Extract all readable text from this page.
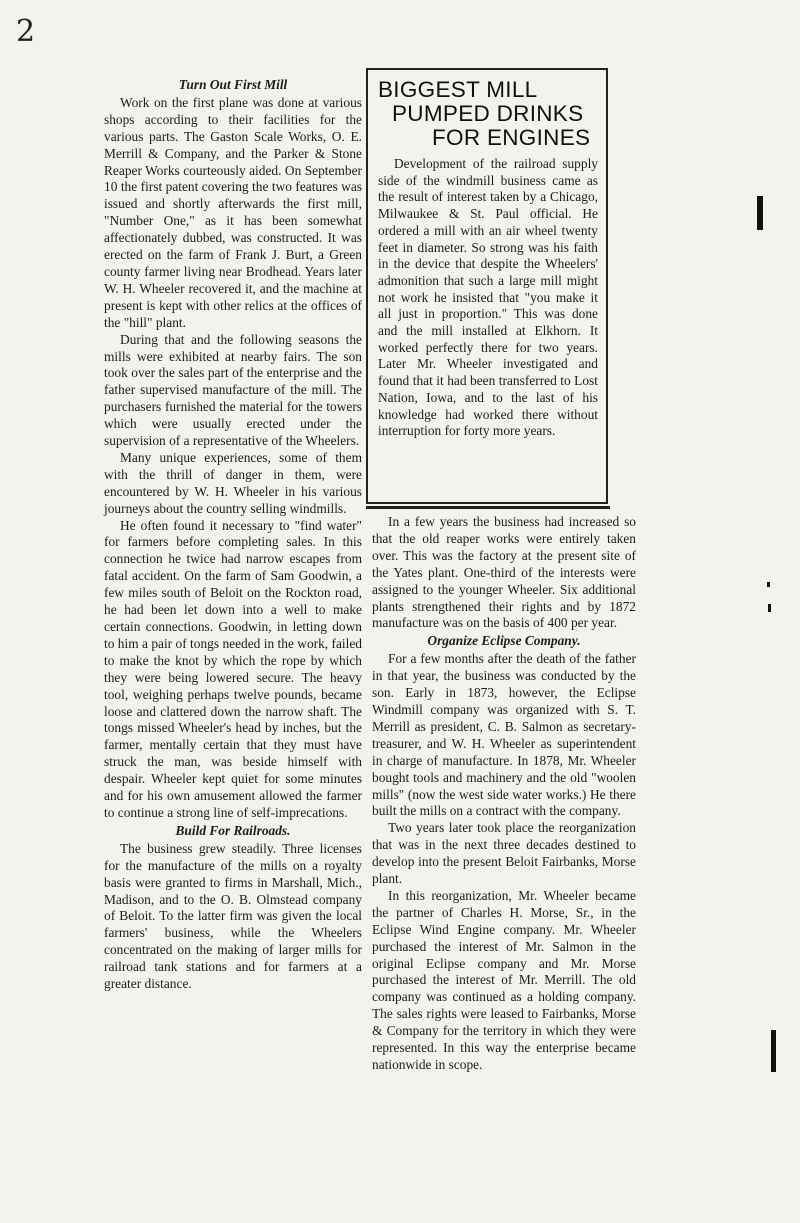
2
Turn Out First Mill

Work on the first plane was done at various shops according to their facilities for the various parts. The Gaston Scale Works, O. E. Merrill & Company, and the Parker & Stone Reaper Works courteously aided. On September 10 the first patent covering the two features was issued and shortly afterwards the first mill, "Number One," as it has been somewhat affectionately dubbed, was constructed. It was erected on the farm of Frank J. Burt, a Green county farmer living near Brodhead. Years later W. H. Wheeler recovered it, and the machine at present is kept with other relics at the offices of the "hill" plant.

During that and the following seasons the mills were exhibited at nearby fairs. The son took over the sales part of the enterprise and the father supervised manufacture of the mill. The purchasers furnished the material for the towers which were usually erected under the supervision of a representative of the Wheelers.

Many unique experiences, some of them with the thrill of danger in them, were encountered by W. H. Wheeler in his various journeys about the country selling windmills.

He often found it necessary to "find water" for farmers before completing sales. In this connection he twice had narrow escapes from fatal accident. On the farm of Sam Goodwin, a few miles south of Beloit on the Rockton road, he had been let down into a well to make certain connections. Goodwin, in letting down to him a pair of tongs needed in the work, failed to make the knot by which the rope by which they were being lowered secure. The heavy tool, weighing perhaps twelve pounds, became loose and clattered down the narrow shaft. The tongs missed Wheeler's head by inches, but the farmer, mentally certain that they must have struck the man, was beside himself with despair. Wheeler kept quiet for some minutes and for his own amusement allowed the farmer to continue a strong line of self-imprecations.

Build For Railroads.

The business grew steadily. Three licenses for the manufacture of the mills on a royalty basis were granted to firms in Marshall, Mich., Madison, and to the O. B. Olmstead company of Beloit. To the latter firm was given the local farmers' business, while the Wheelers concentrated on the making of larger mills for railroad tank stations and for farmers at a greater distance.

BIGGEST MILL
PUMPED DRINKS
FOR ENGINES

Development of the railroad supply side of the windmill business came as the result of interest taken by a Chicago, Milwaukee & St. Paul official. He ordered a mill with an air wheel twenty feet in diameter. So strong was his faith in the device that despite the Wheelers' admonition that such a large mill might not work he insisted that "you make it all just in proportion." This was done and the mill installed at Elkhorn. It worked perfectly there for two years. Later Mr. Wheeler investigated and found that it had been transferred to Lost Nation, Iowa, and to the last of his knowledge had worked there without interruption for forty more years.

In a few years the business had increased so that the old reaper works were entirely taken over. This was the factory at the present site of the Yates plant. One-third of the interests were assigned to the younger Wheeler. Six additional plants strengthened their rights and by 1872 manufacture was on the basis of 400 per year.

Organize Eclipse Company.

For a few months after the death of the father in that year, the business was conducted by the son. Early in 1873, however, the Eclipse Windmill company was organized with S. T. Merrill as president, C. B. Salmon as secretary-treasurer, and W. H. Wheeler as superintendent in charge of manufacture. In 1878, Mr. Wheeler bought tools and machinery and the old "woolen mills" (now the west side water works.) He there built the mills on a contract with the company.

Two years later took place the reorganization that was in the next three decades destined to develop into the present Beloit Fairbanks, Morse plant.

In this reorganization, Mr. Wheeler became the partner of Charles H. Morse, Sr., in the Eclipse Wind Engine company. Mr. Wheeler purchased the interest of Mr. Salmon in the original Eclipse company and Mr. Morse purchased the interest of Mr. Merrill. The old company was continued as a holding company. The sales rights were leased to Fairbanks, Morse & Company for the territory in which they were represented. In this way the enterprise became nationwide in scope.
